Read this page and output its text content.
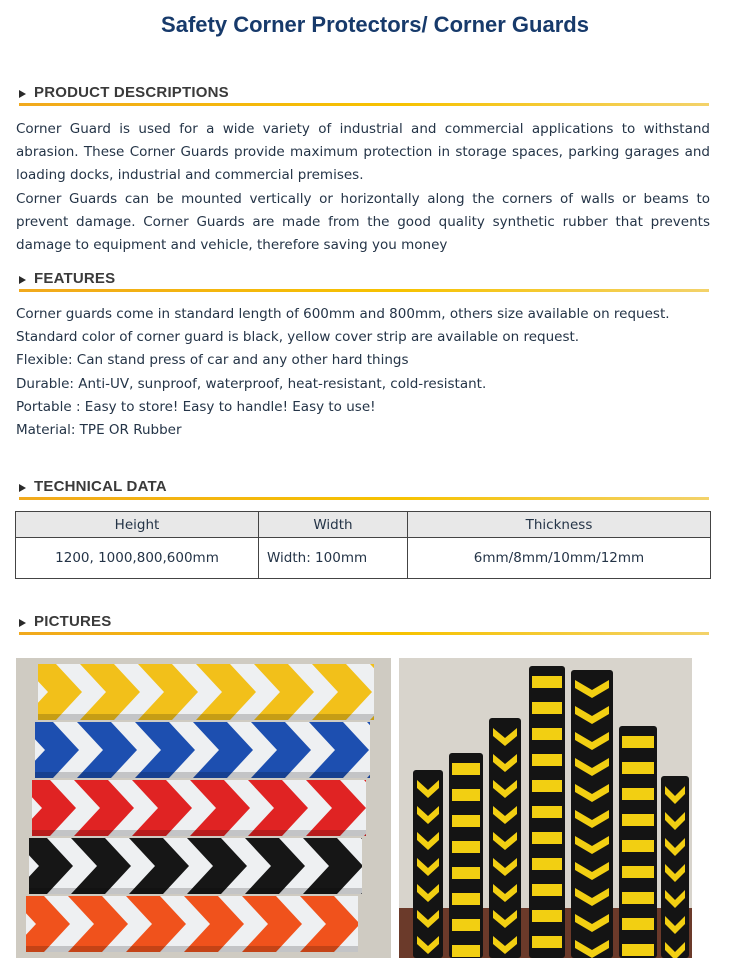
Safety Corner Protectors/ Corner Guards
PRODUCT DESCRIPTIONS

Corner Guard is used for a wide variety of industrial and commercial applications to withstand abrasion. These Corner Guards provide maximum protection in storage spaces, parking garages and loading docks, industrial and commercial premises.

Corner Guards can be mounted vertically or horizontally along the corners of walls or beams to prevent damage. Corner Guards are made from the good quality synthetic rubber that prevents damage to equipment and vehicle, therefore saving you money

FEATURES

Corner guards come in standard length of 600mm and 800mm, others size available on request.

Standard color of corner guard is black, yellow cover strip are available on request.

Flexible: Can stand press of car and any other hard things

Durable: Anti-UV, sunproof, waterproof, heat-resistant, cold-resistant.

Portable : Easy to store! Easy to handle! Easy to use!

Material: TPE OR Rubber

TECHNICAL DATA
Height	Width	Thickness
1200, 1000,800,600mm	Width: 100mm	6mm/8mm/10mm/12mm
PICTURES
